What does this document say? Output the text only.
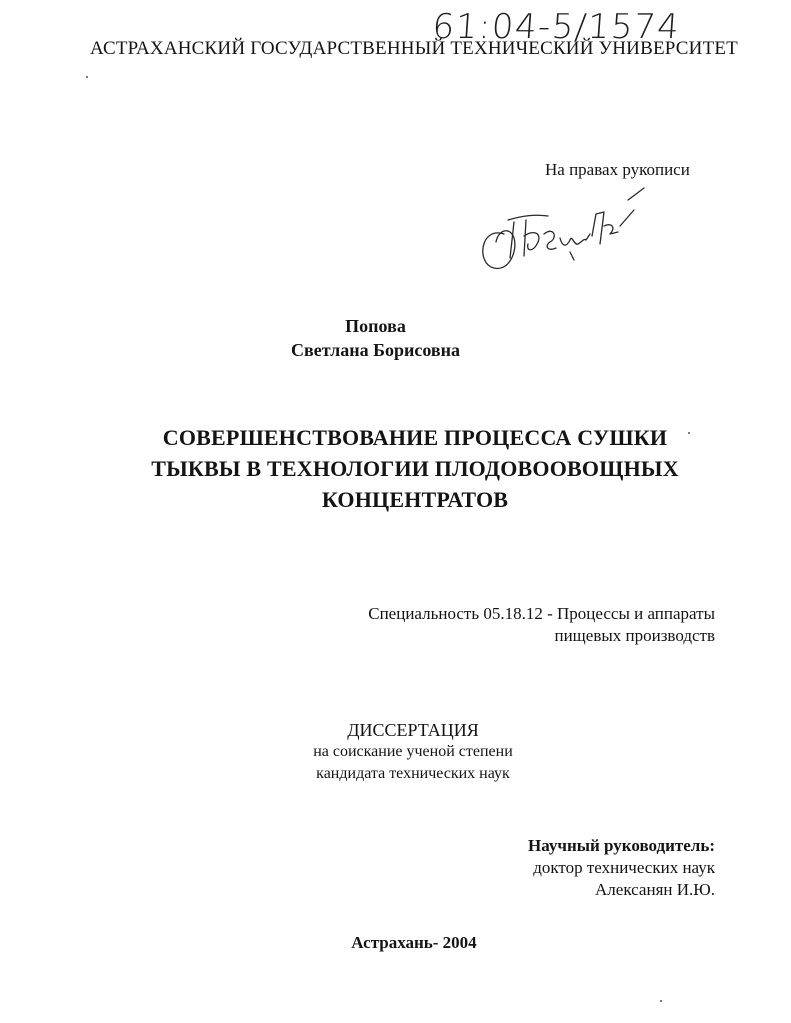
61:04-5/1574
АСТРАХАНСКИЙ ГОСУДАРСТВЕННЫЙ ТЕХНИЧЕСКИЙ УНИВЕРСИТЕТ
На правах рукописи
Попова
Светлана Борисовна
СОВЕРШЕНСТВОВАНИЕ ПРОЦЕССА СУШКИ
ТЫКВЫ В ТЕХНОЛОГИИ ПЛОДОВООВОЩНЫХ
КОНЦЕНТРАТОВ
Специальность 05.18.12 - Процессы и аппараты
пищевых производств
ДИССЕРТАЦИЯ
на соискание ученой степени
кандидата технических наук
Научный руководитель:
доктор технических наук
Алексанян И.Ю.
Астрахань- 2004
